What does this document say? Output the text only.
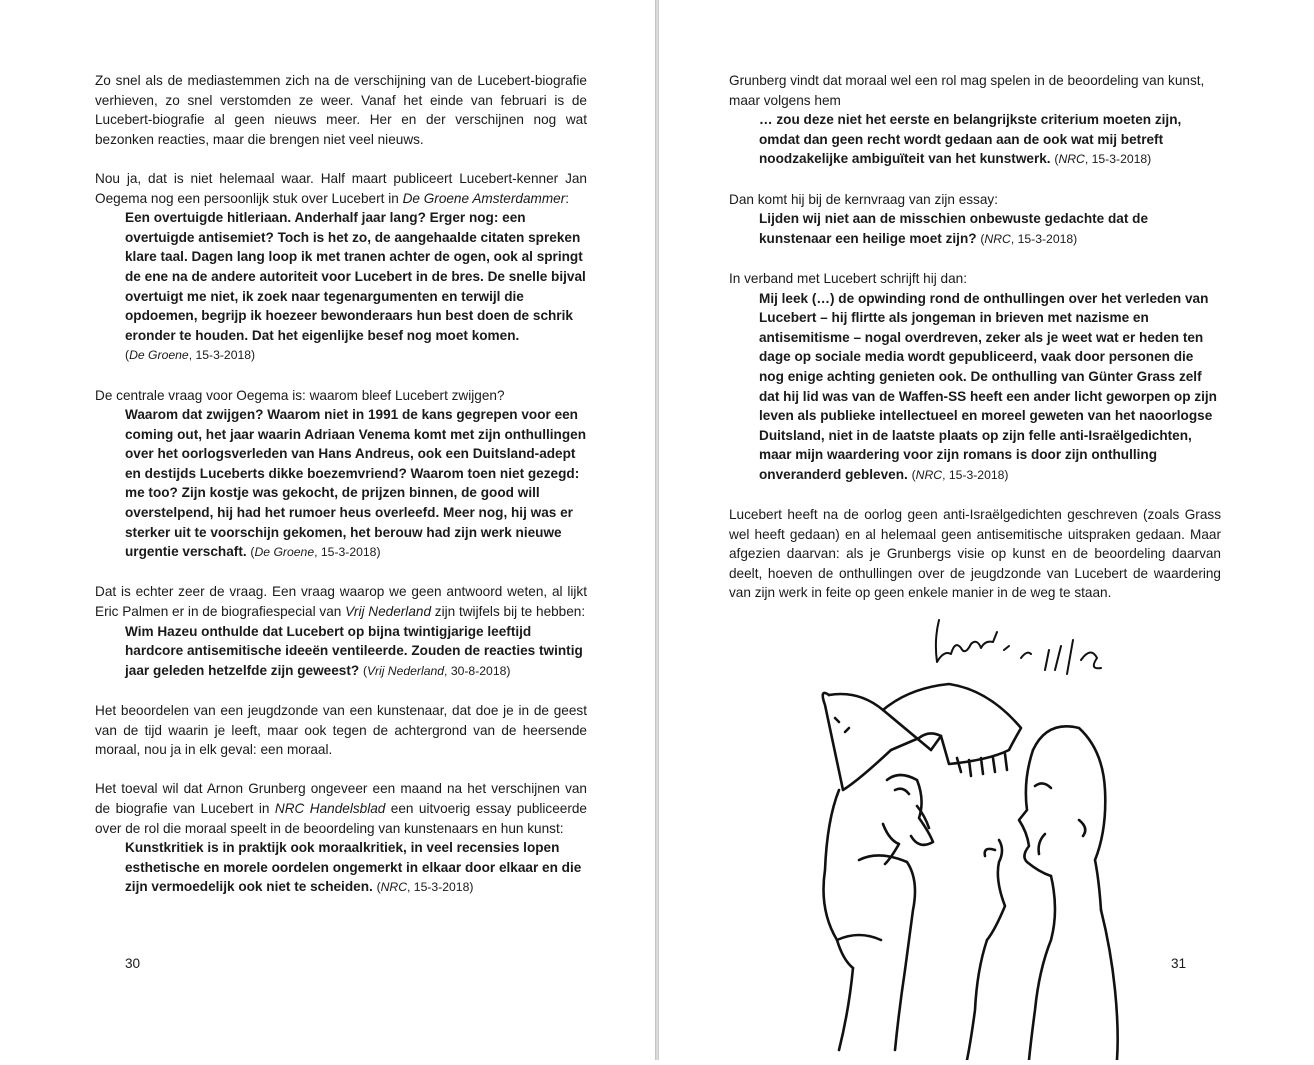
Zo snel als de mediastemmen zich na de verschijning van de Lucebert-biografie verhieven, zo snel verstomden ze weer. Vanaf het einde van februari is de Lucebert-biografie al geen nieuws meer. Her en der verschijnen nog wat bezonken reacties, maar die brengen niet veel nieuws.

Nou ja, dat is niet helemaal waar. Half maart publiceert Lucebert-kenner Jan Oegema nog een persoonlijk stuk over Lucebert in De Groene Amsterdammer:

Een overtuigde hitleriaan. Anderhalf jaar lang? Erger nog: een overtuigde antisemiet? Toch is het zo, de aangehaalde citaten spreken klare taal. Dagen lang loop ik met tranen achter de ogen, ook al springt de ene na de andere autoriteit voor Lucebert in de bres. De snelle bijval overtuigt me niet, ik zoek naar tegenargumenten en terwijl die opdoemen, begrijp ik hoezeer bewonderaars hun best doen de schrik eronder te houden. Dat het eigenlijke besef nog moet komen.
(De Groene, 15-3-2018)

De centrale vraag voor Oegema is: waarom bleef Lucebert zwijgen?

Waarom dat zwijgen? Waarom niet in 1991 de kans gegrepen voor een coming out, het jaar waarin Adriaan Venema komt met zijn onthullingen over het oorlogsverleden van Hans Andreus, ook een Duitsland-adept en destijds Luceberts dikke boezemvriend? Waarom toen niet gezegd: me too? Zijn kostje was gekocht, de prijzen binnen, de good will overstelpend, hij had het rumoer heus overleefd. Meer nog, hij was er sterker uit te voorschijn gekomen, het berouw had zijn werk nieuwe urgentie verschaft. (De Groene, 15-3-2018)

Dat is echter zeer de vraag. Een vraag waarop we geen antwoord weten, al lijkt Eric Palmen er in de biografiespecial van Vrij Nederland zijn twijfels bij te hebben:

Wim Hazeu onthulde dat Lucebert op bijna twintigjarige leeftijd hardcore antisemitische ideeën ventileerde. Zouden de reacties twintig jaar geleden hetzelfde zijn geweest? (Vrij Nederland, 30-8-2018)

Het beoordelen van een jeugdzonde van een kunstenaar, dat doe je in de geest van de tijd waarin je leeft, maar ook tegen de achtergrond van de heersende moraal, nou ja in elk geval: een moraal.

Het toeval wil dat Arnon Grunberg ongeveer een maand na het verschijnen van de biografie van Lucebert in NRC Handelsblad een uitvoerig essay publiceerde over de rol die moraal speelt in de beoordeling van kunstenaars en hun kunst:

Kunstkritiek is in praktijk ook moraalkritiek, in veel recensies lopen esthetische en morele oordelen ongemerkt in elkaar door elkaar en die zijn vermoedelijk ook niet te scheiden. (NRC, 15-3-2018)
30

Grunberg vindt dat moraal wel een rol mag spelen in de beoordeling van kunst, maar volgens hem

… zou deze niet het eerste en belangrijkste criterium moeten zijn, omdat dan geen recht wordt gedaan aan de ook wat mij betreft noodzakelijke ambiguïteit van het kunstwerk. (NRC, 15-3-2018)

Dan komt hij bij de kernvraag van zijn essay:

Lijden wij niet aan de misschien onbewuste gedachte dat de kunstenaar een heilige moet zijn? (NRC, 15-3-2018)

In verband met Lucebert schrijft hij dan:

Mij leek (…) de opwinding rond de onthullingen over het verleden van Lucebert – hij flirtte als jongeman in brieven met nazisme en antisemitisme – nogal overdreven, zeker als je weet wat er heden ten dage op sociale media wordt gepubliceerd, vaak door personen die nog enige achting genieten ook. De onthulling van Günter Grass zelf dat hij lid was van de Waffen-SS heeft een ander licht geworpen op zijn leven als publieke intellectueel en moreel geweten van het naoorlogse Duitsland, niet in de laatste plaats op zijn felle anti-Israëlgedichten, maar mijn waardering voor zijn romans is door zijn onthulling onveranderd gebleven. (NRC, 15-3-2018)

Lucebert heeft na de oorlog geen anti-Israëlgedichten geschreven (zoals Grass wel heeft gedaan) en al helemaal geen antisemitische uitspraken gedaan. Maar afgezien daarvan: als je Grunbergs visie op kunst en de beoordeling daarvan deelt, hoeven de onthullingen over de jeugdzonde van Lucebert de waardering van zijn werk in feite op geen enkele manier in de weg te staan.

31
